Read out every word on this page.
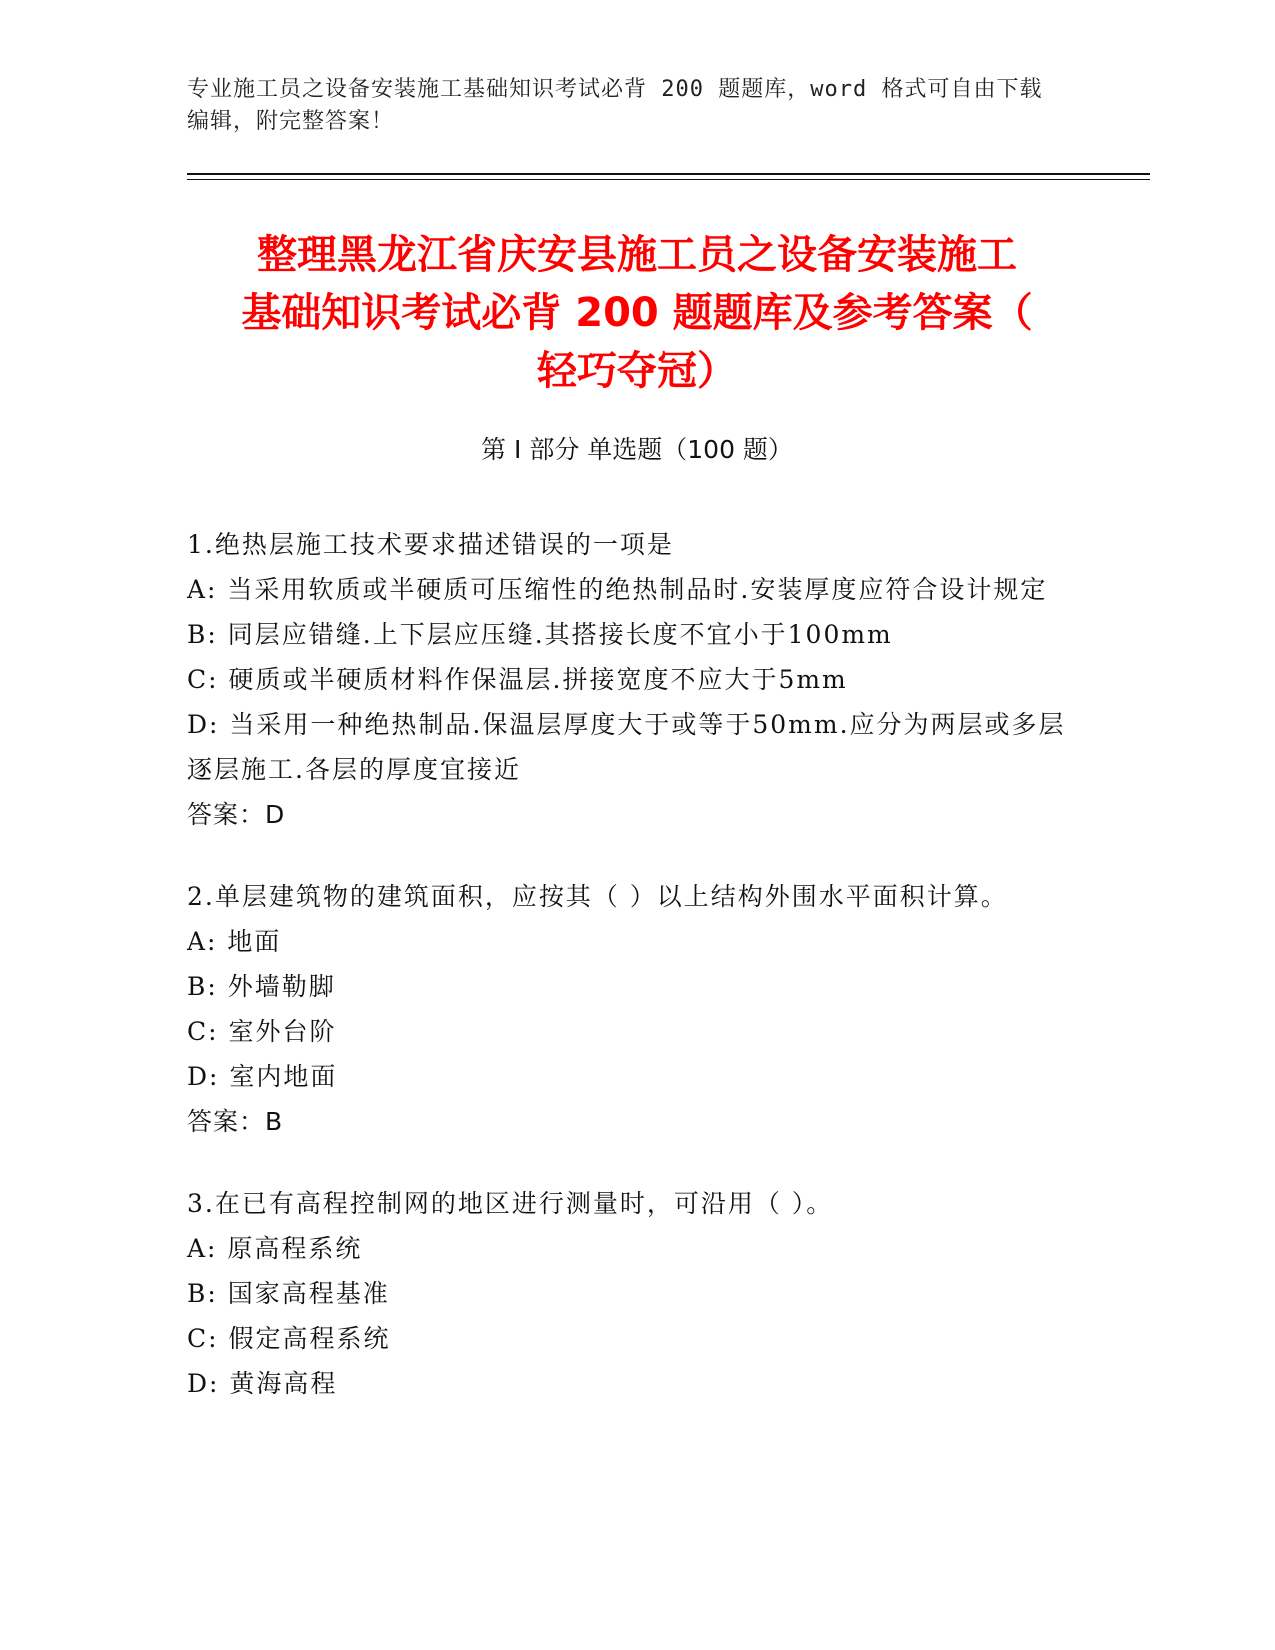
专业施工员之设备安装施工基础知识考试必背 200 题题库，word 格式可自由下载
编辑，附完整答案！
整理黑龙江省庆安县施工员之设备安装施工
基础知识考试必背 200 题题库及参考答案（
轻巧夺冠）
第 I 部分 单选题（100 题）
1.绝热层施工技术要求描述错误的一项是
A: 当采用软质或半硬质可压缩性的绝热制品时.安装厚度应符合设计规定
B: 同层应错缝.上下层应压缝.其搭接长度不宜小于100mm
C: 硬质或半硬质材料作保温层.拼接宽度不应大于5mm
D: 当采用一种绝热制品.保温层厚度大于或等于50mm.应分为两层或多层逐层施工.各层的厚度宜接近
答案：D
2.单层建筑物的建筑面积，应按其（ ）以上结构外围水平面积计算。
A: 地面
B: 外墙勒脚
C: 室外台阶
D: 室内地面
答案：B
3.在已有高程控制网的地区进行测量时，可沿用（ ）。
A: 原高程系统
B: 国家高程基准
C: 假定高程系统
D: 黄海高程
